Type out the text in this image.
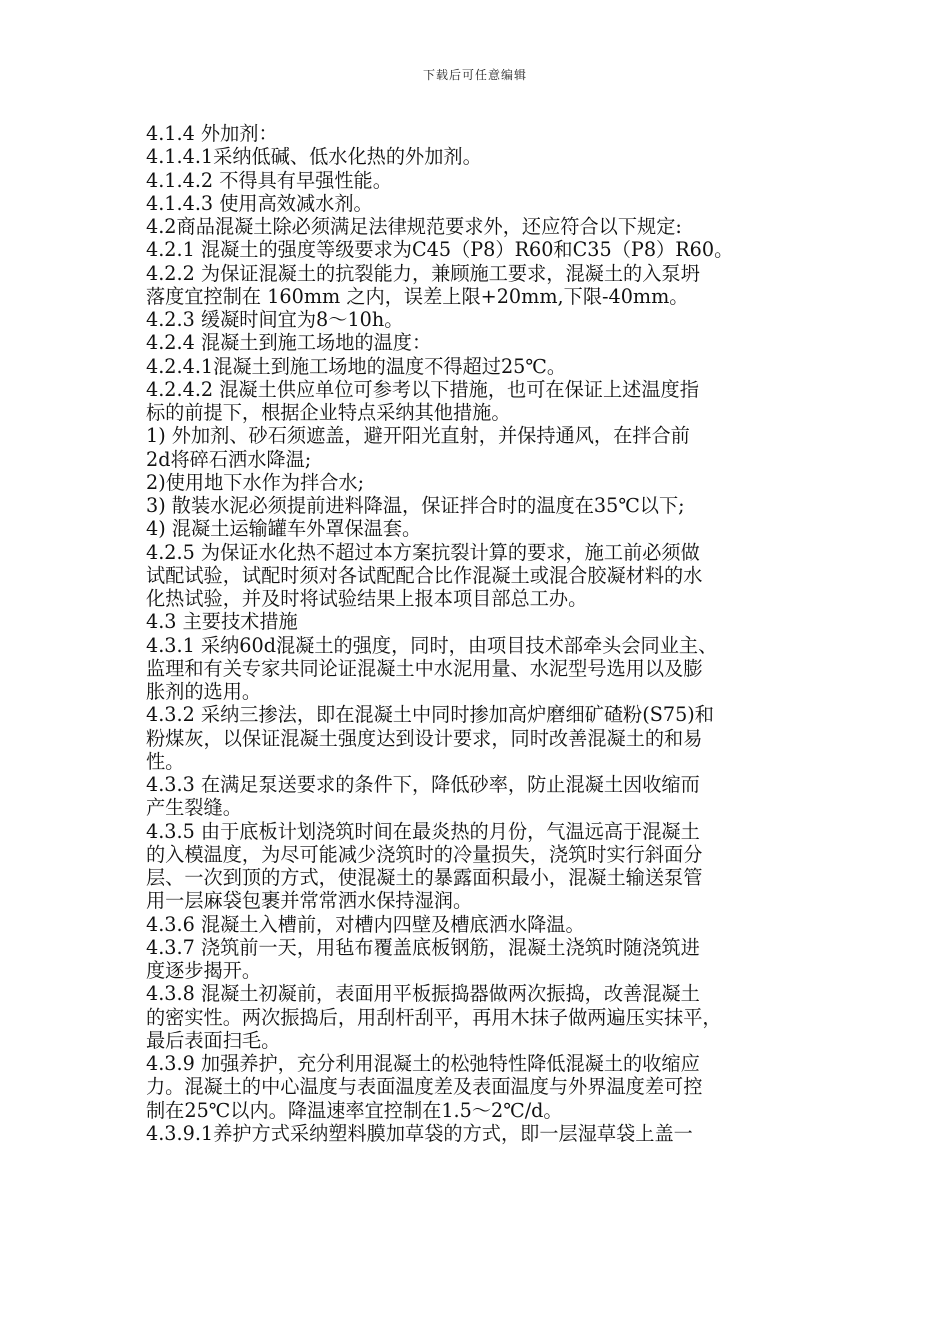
下载后可任意编辑
4.1.4 外加剂：
4.1.4.1采纳低碱、低水化热的外加剂。
4.1.4.2 不得具有早强性能。
4.1.4.3 使用高效减水剂。
4.2商品混凝土除必须满足法律规范要求外，还应符合以下规定:
4.2.1 混凝土的强度等级要求为C45（P8）R60和C35（P8）R60。
4.2.2 为保证混凝土的抗裂能力，兼顾施工要求，混凝土的入泵坍
落度宜控制在 160mm 之内，误差上限+20mm,下限-40mm。
4.2.3 缓凝时间宜为8～10h。
4.2.4 混凝土到施工场地的温度：
4.2.4.1混凝土到施工场地的温度不得超过25℃。
4.2.4.2 混凝土供应单位可参考以下措施，也可在保证上述温度指
标的前提下，根据企业特点采纳其他措施。
1) 外加剂、砂石须遮盖，避开阳光直射，并保持通风，在拌合前
2d将碎石洒水降温;
2)使用地下水作为拌合水;
3) 散装水泥必须提前进料降温，保证拌合时的温度在35℃以下;
4) 混凝土运输罐车外罩保温套。
4.2.5 为保证水化热不超过本方案抗裂计算的要求，施工前必须做
试配试验，试配时须对各试配配合比作混凝土或混合胶凝材料的水
化热试验，并及时将试验结果上报本项目部总工办。
4.3 主要技术措施
4.3.1 采纳60d混凝土的强度，同时，由项目技术部牵头会同业主、
监理和有关专家共同论证混凝土中水泥用量、水泥型号选用以及膨
胀剂的选用。
4.3.2 采纳三掺法，即在混凝土中同时掺加高炉磨细矿碴粉(S75)和
粉煤灰，以保证混凝土强度达到设计要求，同时改善混凝土的和易
性。
4.3.3 在满足泵送要求的条件下，降低砂率，防止混凝土因收缩而
产生裂缝。
4.3.5 由于底板计划浇筑时间在最炎热的月份，气温远高于混凝土
的入模温度，为尽可能减少浇筑时的冷量损失，浇筑时实行斜面分
层、一次到顶的方式，使混凝土的暴露面积最小，混凝土输送泵管
用一层麻袋包裹并常常洒水保持湿润。
4.3.6 混凝土入槽前，对槽内四壁及槽底洒水降温。
4.3.7 浇筑前一天，用毡布覆盖底板钢筋，混凝土浇筑时随浇筑进
度逐步揭开。
4.3.8 混凝土初凝前，表面用平板振捣器做两次振捣，改善混凝土
的密实性。两次振捣后，用刮杆刮平，再用木抹子做两遍压实抹平，
最后表面扫毛。
4.3.9 加强养护，充分利用混凝土的松弛特性降低混凝土的收缩应
力。混凝土的中心温度与表面温度差及表面温度与外界温度差可控
制在25℃以内。降温速率宜控制在1.5～2℃/d。
4.3.9.1养护方式采纳塑料膜加草袋的方式，即一层湿草袋上盖一
